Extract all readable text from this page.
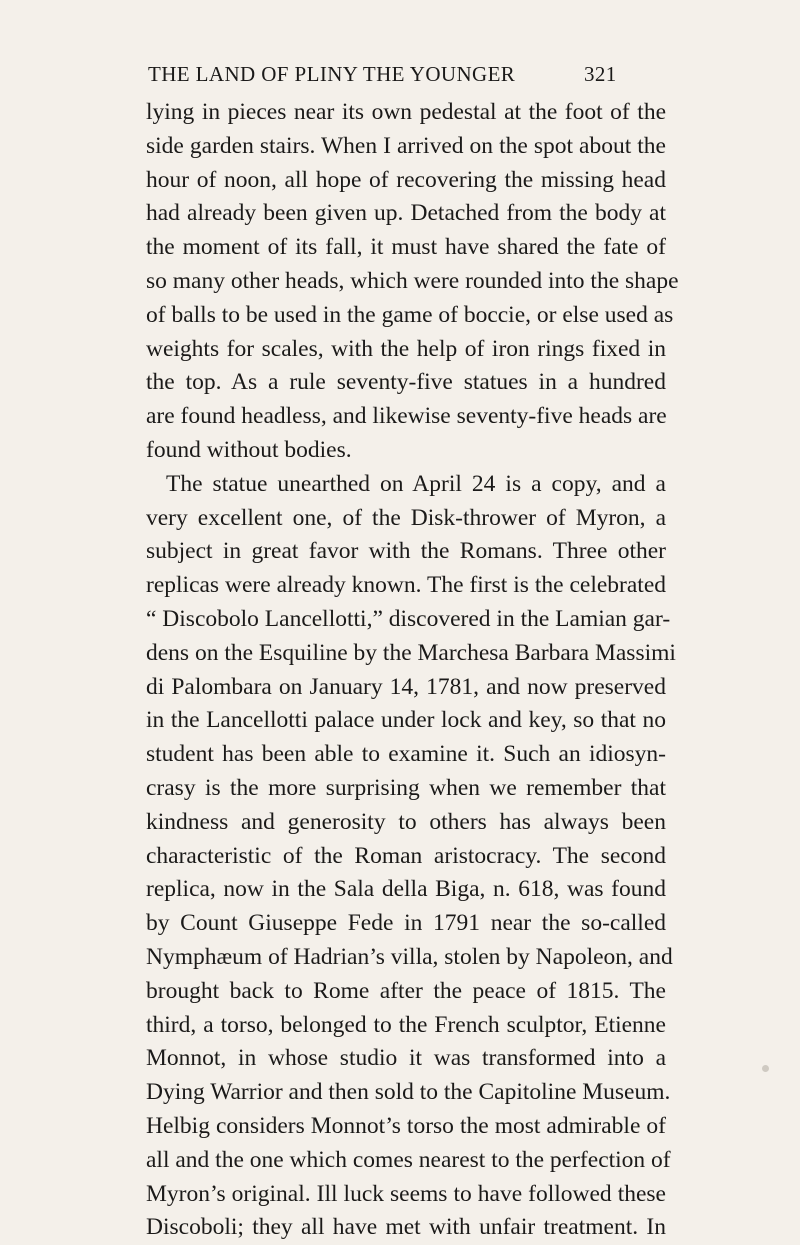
THE LAND OF PLINY THE YOUNGER	321
lying in pieces near its own pedestal at the foot of the
side garden stairs. When I arrived on the spot about the
hour of noon, all hope of recovering the missing head
had already been given up. Detached from the body at
the moment of its fall, it must have shared the fate of
so many other heads, which were rounded into the shape
of balls to be used in the game of boccie, or else used as
weights for scales, with the help of iron rings fixed in
the top. As a rule seventy-five statues in a hundred
are found headless, and likewise seventy-five heads are
found without bodies.
The statue unearthed on April 24 is a copy, and a
very excellent one, of the Disk-thrower of Myron, a
subject in great favor with the Romans. Three other
replicas were already known. The first is the celebrated
“ Discobolo Lancellotti,” discovered in the Lamian gar-
dens on the Esquiline by the Marchesa Barbara Massimi
di Palombara on January 14, 1781, and now preserved
in the Lancellotti palace under lock and key, so that no
student has been able to examine it. Such an idiosyn-
crasy is the more surprising when we remember that
kindness and generosity to others has always been
characteristic of the Roman aristocracy. The second
replica, now in the Sala della Biga, n. 618, was found
by Count Giuseppe Fede in 1791 near the so-called
Nymphæum of Hadrian’s villa, stolen by Napoleon, and
brought back to Rome after the peace of 1815. The
third, a torso, belonged to the French sculptor, Etienne
Monnot, in whose studio it was transformed into a
Dying Warrior and then sold to the Capitoline Museum.
Helbig considers Monnot’s torso the most admirable of
all and the one which comes nearest to the perfection of
Myron’s original. Ill luck seems to have followed these
Discoboli; they all have met with unfair treatment. In
